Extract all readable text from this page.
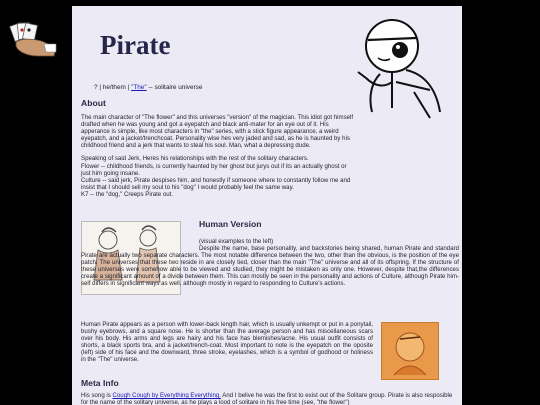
Pirate
? | he/them | "The" -- solitaire universe
About

The main character of "The flower" and this universes "version" of the magician. This idiot got himself drafted when he was young and got a eyepatch and black anti-mater for an eye out of it. His apperance is simple, like most characters in "the" series, with a stick figure appearance, a weird eyepatch, and a jacket/trenchcoat. Personality wise hes very jaded and sad, as he is haunted by his childhood friend and a jerk that wants to steal his soul. Man, what a depressing dude.

Speaking of said Jerk, Heres his relationships with the rest of the solitary characters.

Flower -- childhood friends, is currently haunted by her ghost but jurys out if its an actually ghost or just him going insane.

Culture -- said jerk, Pirate despises him, and honestly if someone where to constantly follow me and insist that I should sell my soul to his "dog" I would probably feel the same way.

K7 -- the "dog," Creeps Pirate out.

Human Version
(visual examples to the left)
Despite the name, base personality, and backstories being shared, human Pirate and standard Pirate are actually two separate characters. The most notable difference between the two, other than the obvious, is the position of the eye patch. The universes that these two reside in are closely tied, closer than the main "The" universe and all of its offspring. If the structure of these universes were somehow able to be viewed and studied, they might be mistaken as only one. However, despite that,the differences create a significant amount of a divide between them. This can mostly be seen in the personality and actions of Culture, although Pirate him-self differs in significant ways as well, although mostly in regard to responding to Culture's actions.
Human Pirate appears as a person with lower-back length hair, which is usually unkempt or put in a ponytail, bushy eyebrows, and a square nose. He is shorter than the average person and has miscellaneous scars over his body. His arms and legs are hairy and his face has blemishes/acne. His usual outfit consists of shorts, a black sports bra, and a jacket/trench-coat. Most important to note is the eyepatch on the oposite (left) side of his face and the downward, three stroke, eyelashes, which is a symbol of godhood or holiness in the "The" universe.
Meta Info
His song is Cough Cough by Everything Everything. And I belive he was the first to exist out of the Solitare group. Pirate is also resposible for the name of the solitary universe, as he plays a lood of solitare in his free time (see, "the flower")
